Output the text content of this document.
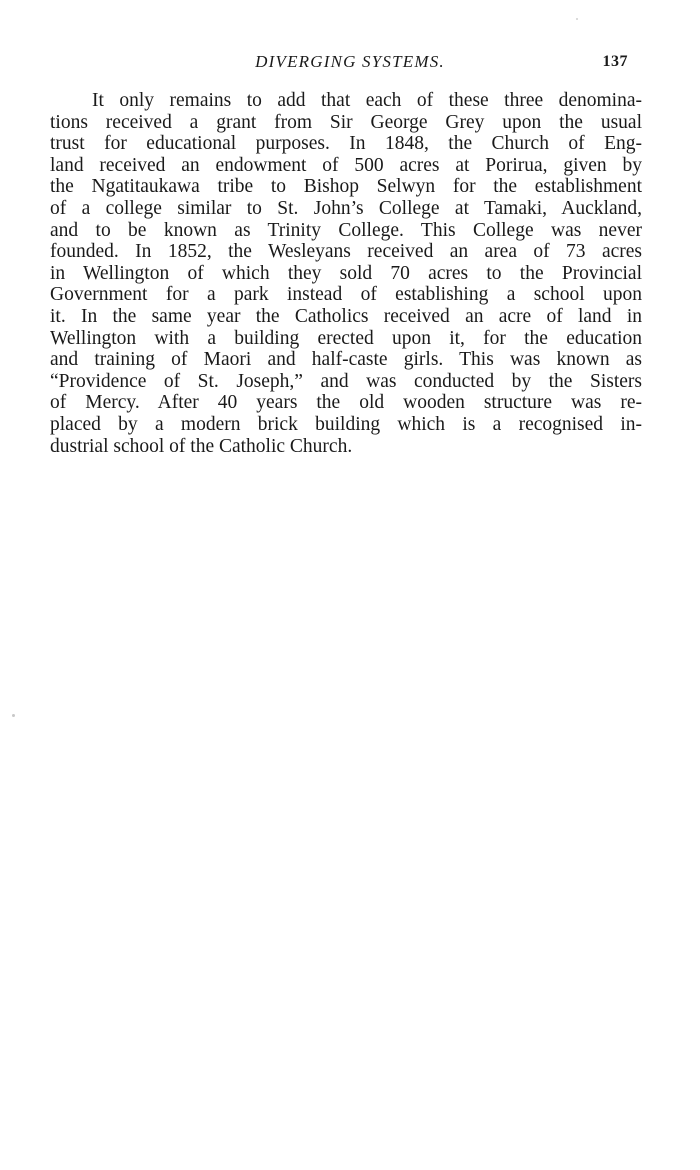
DIVERGING SYSTEMS.	137
It only remains to add that each of these three denomina-
tions received a grant from Sir George Grey upon the usual
trust for educational purposes. In 1848, the Church of Eng-
land received an endowment of 500 acres at Porirua, given by
the Ngatitaukawa tribe to Bishop Selwyn for the establishment
of a college similar to St. John’s College at Tamaki, Auckland,
and to be known as Trinity College. This College was never
founded. In 1852, the Wesleyans received an area of 73 acres
in Wellington of which they sold 70 acres to the Provincial
Government for a park instead of establishing a school upon
it. In the same year the Catholics received an acre of land in
Wellington with a building erected upon it, for the education
and training of Maori and half-caste girls. This was known as
“Providence of St. Joseph,” and was conducted by the Sisters
of Mercy. After 40 years the old wooden structure was re-
placed by a modern brick building which is a recognised in-
dustrial school of the Catholic Church.
